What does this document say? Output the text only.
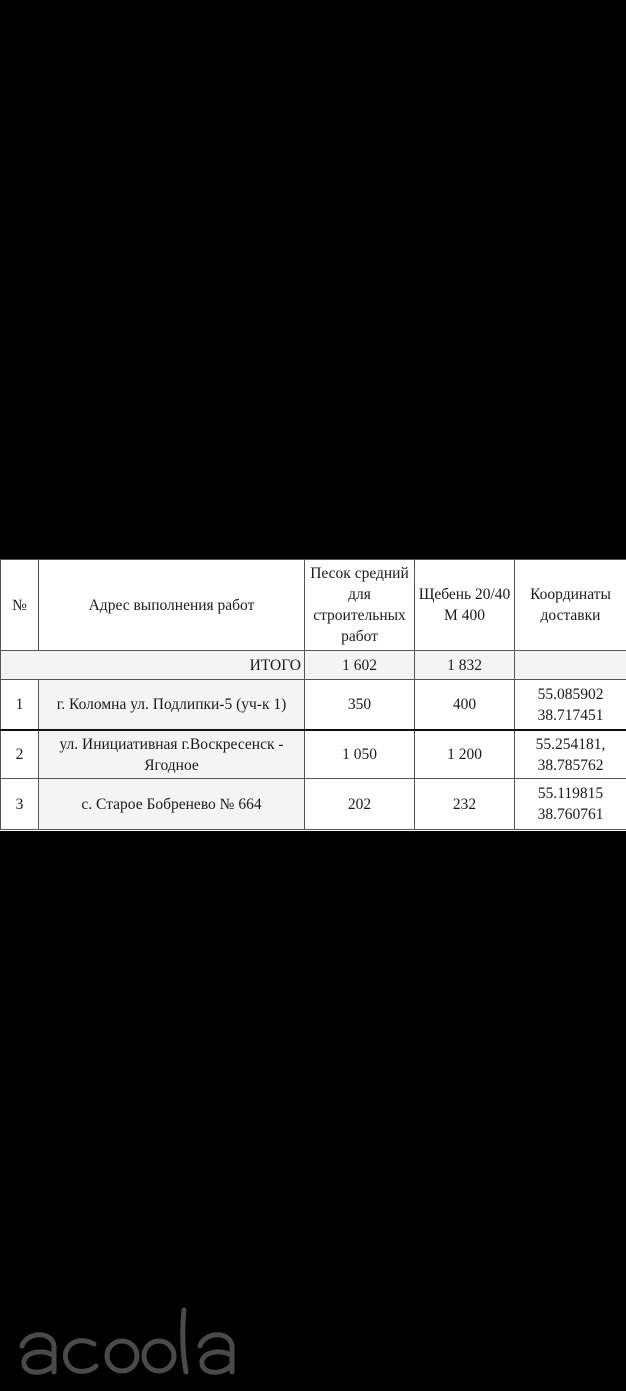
№	Адрес выполнения работ	Песок средний для строительных работ	Щебень 20/40 М 400	Координаты доставки
ИТОГО		1 602	1 832	
1	г. Коломна ул. Подлипки-5 (уч-к 1)	350	400	55.085902
38.717451

2	ул. Инициативная г.Воскресенск - Ягодное	1 050	1 200	55.254181,
38.785762

3	с. Старое Бобренево № 664	202	232	55.119815
38.760761
